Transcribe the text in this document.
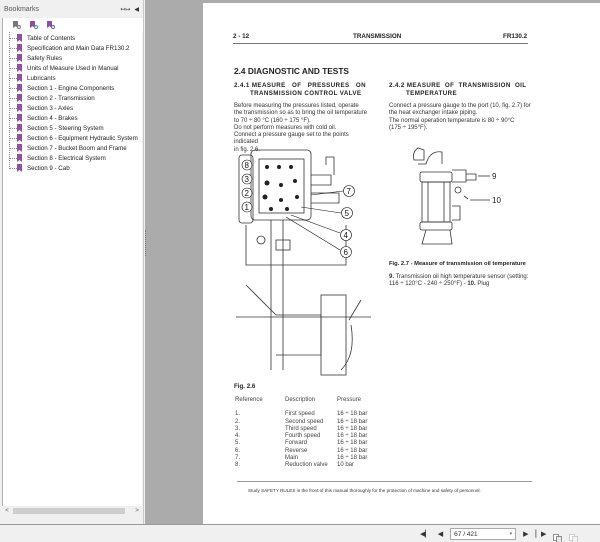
Bookmarks	↤↦ ◀
Table of Contents
Specification and Main Data FR130.2
Safety Rules
Units of Measure Used in Manual
Lubricants
Section 1 - Engine Components
Section 2 - Transmission
Section 3 - Axles
Section 4 - Brakes
Section 5 - Steering System
Section 6 - Equipment Hydraulic System
Section 7 - Bucket Boom and Frame
Section 8 - Electrical System
Section 9 - Cab
<	>
2 - 12	TRANSMISSION	FR130.2
2.4 DIAGNOSTIC AND TESTS
2.4.1 MEASURE   OF   PRESSURES   ON
TRANSMISSION CONTROL VALVE
Before measuring the pressures listed, operate
the transmission so as to bring the oil temperature
to 70 ÷ 80 °C (160 ÷ 175 °F).
Do not perform measures with cold oil.
Connect a pressure gauge set to the points indicated
in fig. 2.6.
8
3
2
1
7
5
4
6
Fig. 2.6
Reference	Description	Pressure
1.	First speed	16 ÷ 18 bar
2.	Second speed	16 ÷ 18 bar
3.	Third speed	16 ÷ 18 bar
4.	Fourth speed	16 ÷ 18 bar
5.	Forward	16 ÷ 18 bar
6.	Reverse	16 ÷ 18 bar
7.	Main	16 ÷ 18 bar
8.	Reduction valve	10 bar
2.4.2 MEASURE  OF  TRANSMISSION  OIL
TEMPERATURE
Connect a pressure gauge to the port (10, fig. 2.7) for
the heat exchanger intake piping.
The normal operation temperature is 80 ÷ 90°C
(175 ÷ 195°F).
9
10
Fig. 2.7 - Measure of transmission oil temperature
9. Transmission oil high temperature sensor (setting:
116 ÷ 120°C - 240 ÷ 250°F) - 10. Plug
Study SAFETY RULES in the front of this manual thoroughly for the protection of machine and safety of personnel.
◀▏ ◀ 67 / 421	▾ ▶ ▏▶
